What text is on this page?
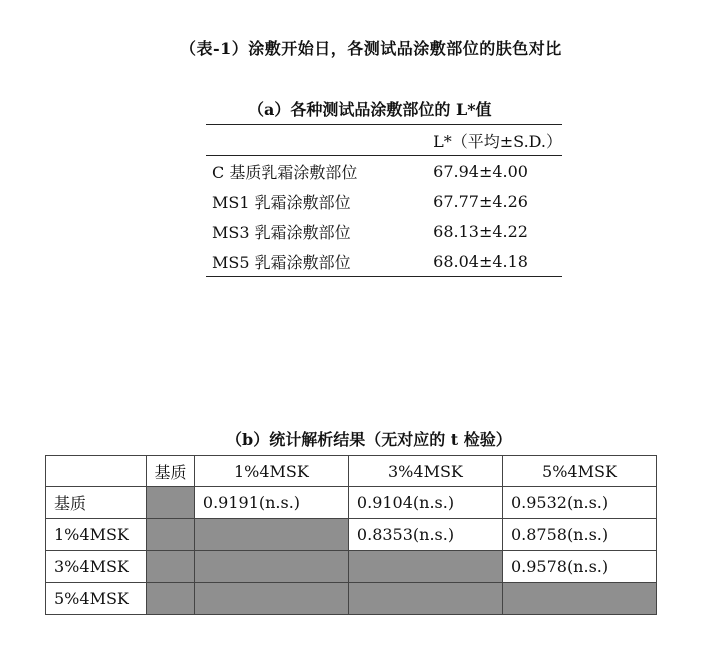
（表-1）涂敷开始日，各测试品涂敷部位的肤色对比
（a）各种测试品涂敷部位的 L*值
	L*（平均±S.D.）
C 基质乳霜涂敷部位	67.94±4.00
MS1 乳霜涂敷部位	67.77±4.26
MS3 乳霜涂敷部位	68.13±4.22
MS5 乳霜涂敷部位	68.04±4.18
（b）统计解析结果（无对应的 t 检验）
	基质	1%4MSK	3%4MSK	5%4MSK
基质		0.9191(n.s.)	0.9104(n.s.)	0.9532(n.s.)
1%4MSK			0.8353(n.s.)	0.8758(n.s.)
3%4MSK				0.9578(n.s.)
5%4MSK				
